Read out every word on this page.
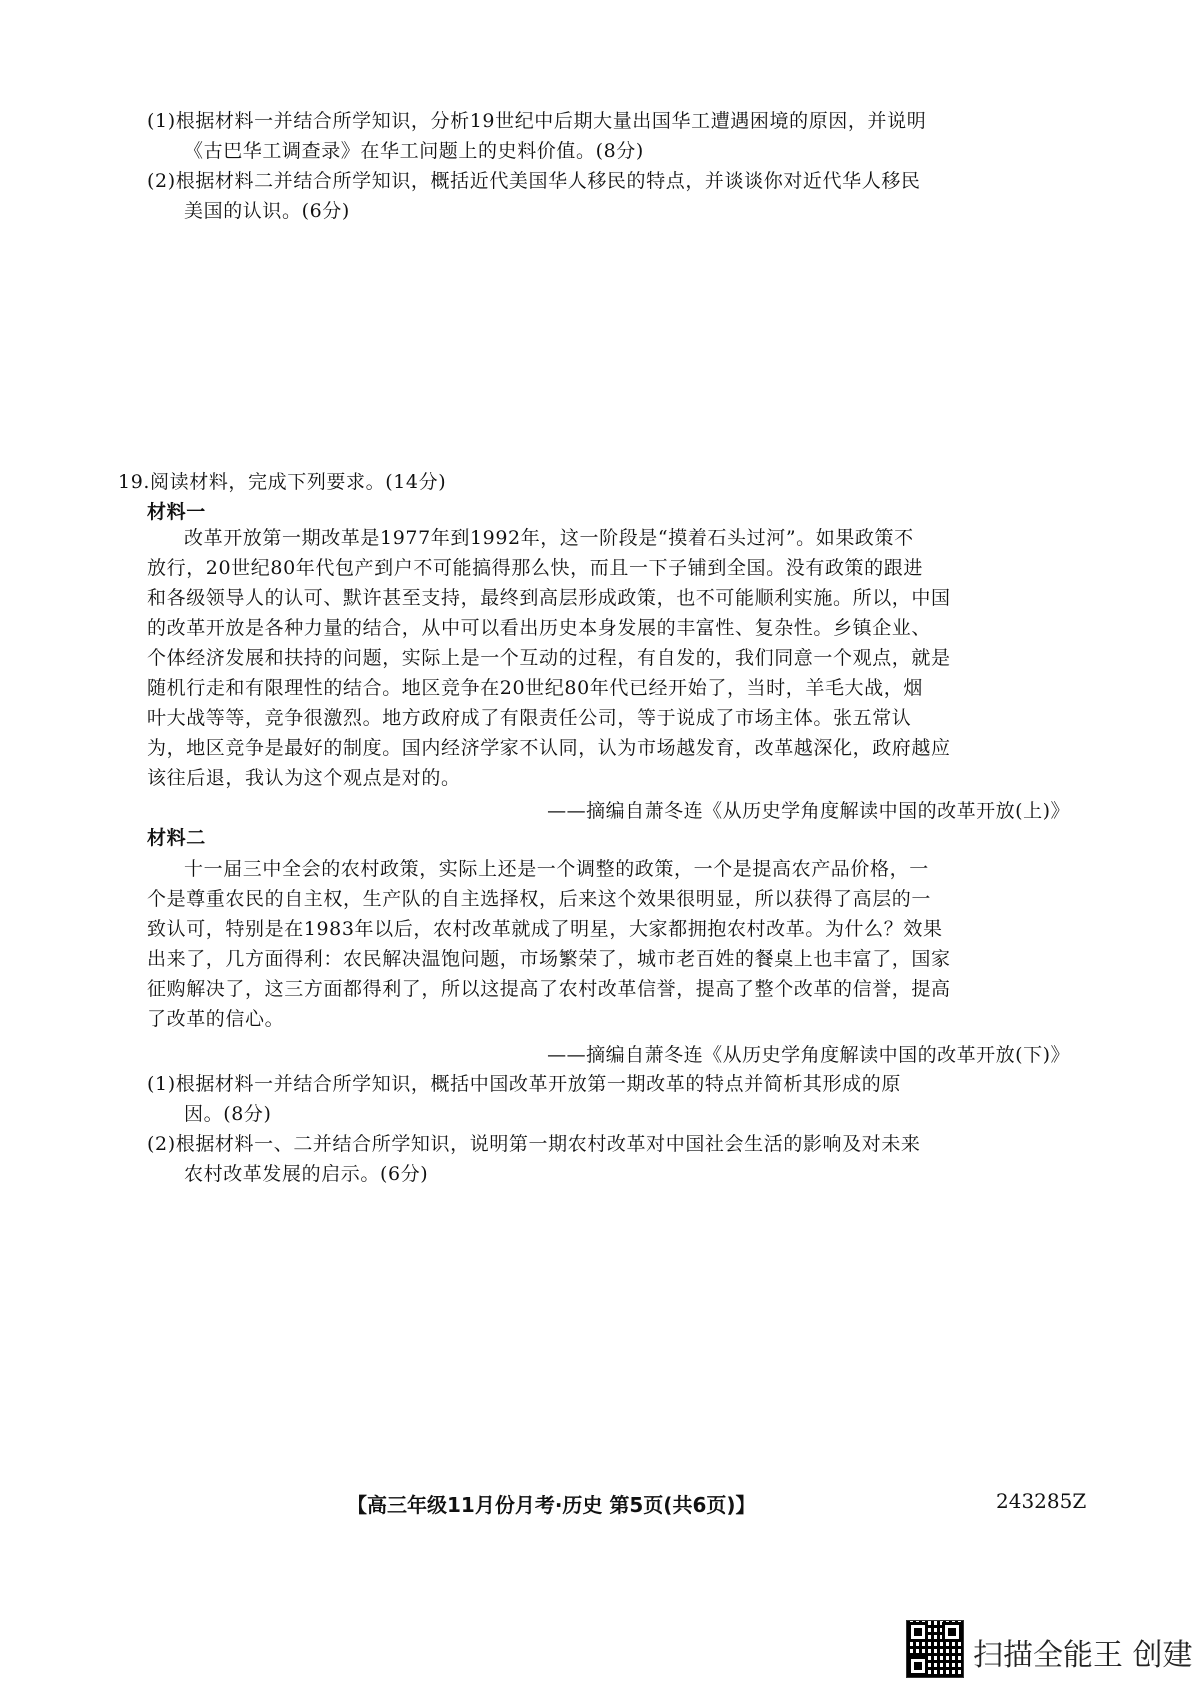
(1)根据材料一并结合所学知识，分析19世纪中后期大量出国华工遭遇困境的原因，并说明
《古巴华工调查录》在华工问题上的史料价值。(8分)
(2)根据材料二并结合所学知识，概括近代美国华人移民的特点，并谈谈你对近代华人移民
美国的认识。(6分)
19.阅读材料，完成下列要求。(14分)
材料一
改革开放第一期改革是1977年到1992年，这一阶段是“摸着石头过河”。如果政策不
放行，20世纪80年代包产到户不可能搞得那么快，而且一下子铺到全国。没有政策的跟进
和各级领导人的认可、默许甚至支持，最终到高层形成政策，也不可能顺利实施。所以，中国
的改革开放是各种力量的结合，从中可以看出历史本身发展的丰富性、复杂性。乡镇企业、
个体经济发展和扶持的问题，实际上是一个互动的过程，有自发的，我们同意一个观点，就是
随机行走和有限理性的结合。地区竞争在20世纪80年代已经开始了，当时，羊毛大战，烟
叶大战等等，竞争很激烈。地方政府成了有限责任公司，等于说成了市场主体。张五常认
为，地区竞争是最好的制度。国内经济学家不认同，认为市场越发育，改革越深化，政府越应
该往后退，我认为这个观点是对的。
——摘编自萧冬连《从历史学角度解读中国的改革开放(上)》
材料二
十一届三中全会的农村政策，实际上还是一个调整的政策，一个是提高农产品价格，一
个是尊重农民的自主权，生产队的自主选择权，后来这个效果很明显，所以获得了高层的一
致认可，特别是在1983年以后，农村改革就成了明星，大家都拥抱农村改革。为什么？效果
出来了，几方面得利：农民解决温饱问题，市场繁荣了，城市老百姓的餐桌上也丰富了，国家
征购解决了，这三方面都得利了，所以这提高了农村改革信誉，提高了整个改革的信誉，提高
了改革的信心。
——摘编自萧冬连《从历史学角度解读中国的改革开放(下)》
(1)根据材料一并结合所学知识，概括中国改革开放第一期改革的特点并简析其形成的原
因。(8分)
(2)根据材料一、二并结合所学知识，说明第一期农村改革对中国社会生活的影响及对未来
农村改革发展的启示。(6分)
【高三年级11月份月考·历史 第5页(共6页)】	243285Z
扫描全能王 创建
